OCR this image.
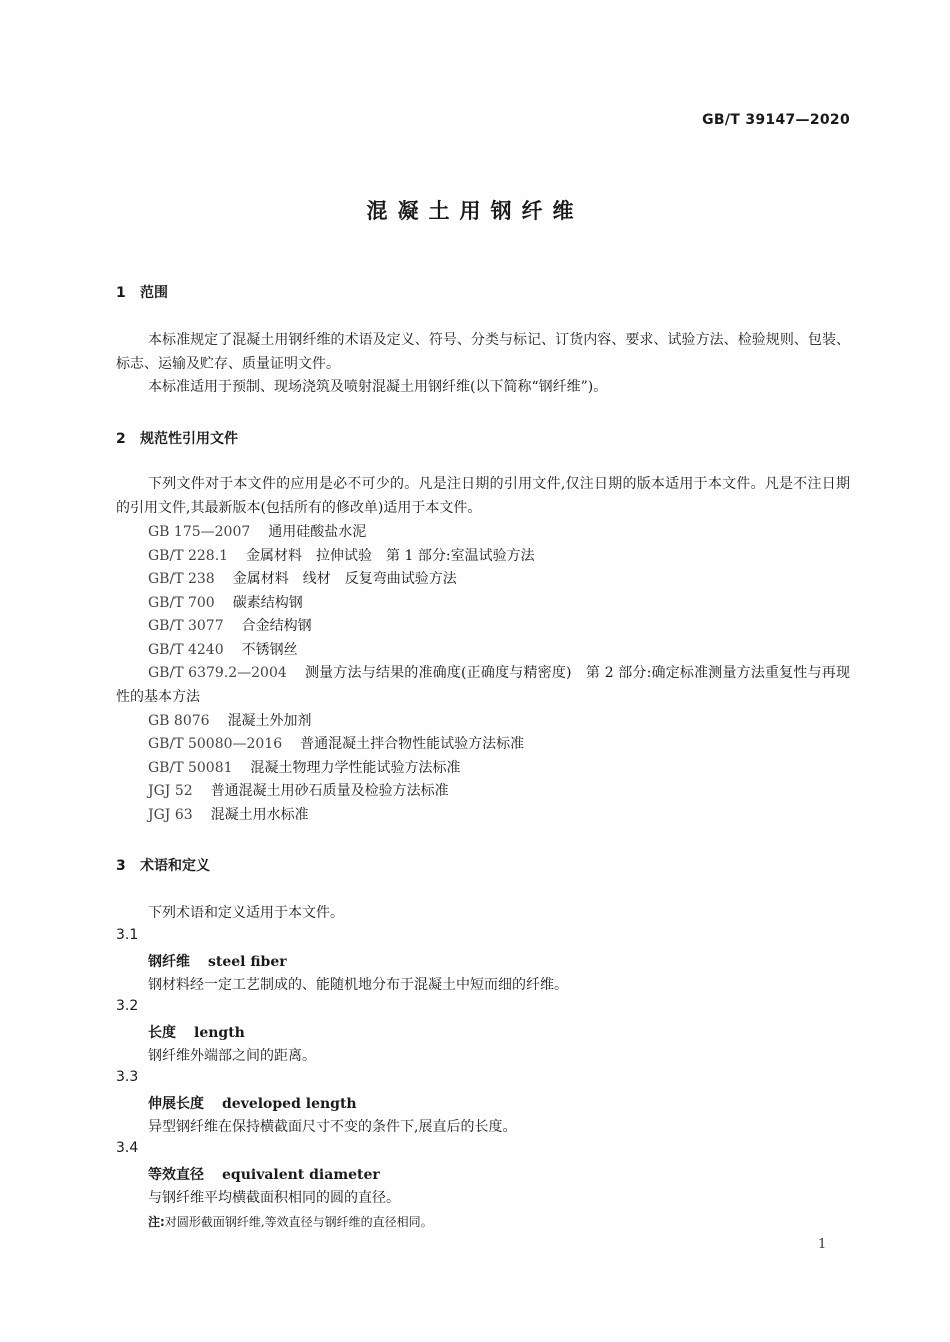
GB/T 39147—2020
混凝土用钢纤维
1 范围
本标准规定了混凝土用钢纤维的术语及定义、符号、分类与标记、订货内容、要求、试验方法、检验规则、包装、标志、运输及贮存、质量证明文件。
本标准适用于预制、现场浇筑及喷射混凝土用钢纤维(以下简称“钢纤维”)。
2 规范性引用文件
下列文件对于本文件的应用是必不可少的。凡是注日期的引用文件,仅注日期的版本适用于本文件。凡是不注日期的引用文件,其最新版本(包括所有的修改单)适用于本文件。
GB 175—2007 通用硅酸盐水泥
GB/T 228.1 金属材料　拉伸试验　第 1 部分:室温试验方法
GB/T 238 金属材料　线材　反复弯曲试验方法
GB/T 700 碳素结构钢
GB/T 3077 合金结构钢
GB/T 4240 不锈钢丝
GB/T 6379.2—2004 测量方法与结果的准确度(正确度与精密度)　第 2 部分:确定标准测量方法重复性与再现性的基本方法
GB 8076 混凝土外加剂
GB/T 50080—2016 普通混凝土拌合物性能试验方法标准
GB/T 50081 混凝土物理力学性能试验方法标准
JGJ 52 普通混凝土用砂石质量及检验方法标准
JGJ 63 混凝土用水标准
3 术语和定义
下列术语和定义适用于本文件。
3.1
钢纤维 steel fiber
钢材料经一定工艺制成的、能随机地分布于混凝土中短而细的纤维。
3.2
长度 length
钢纤维外端部之间的距离。
3.3
伸展长度 developed length
异型钢纤维在保持横截面尺寸不变的条件下,展直后的长度。
3.4
等效直径 equivalent diameter
与钢纤维平均横截面积相同的圆的直径。
注:对圆形截面钢纤维,等效直径与钢纤维的直径相同。
1
